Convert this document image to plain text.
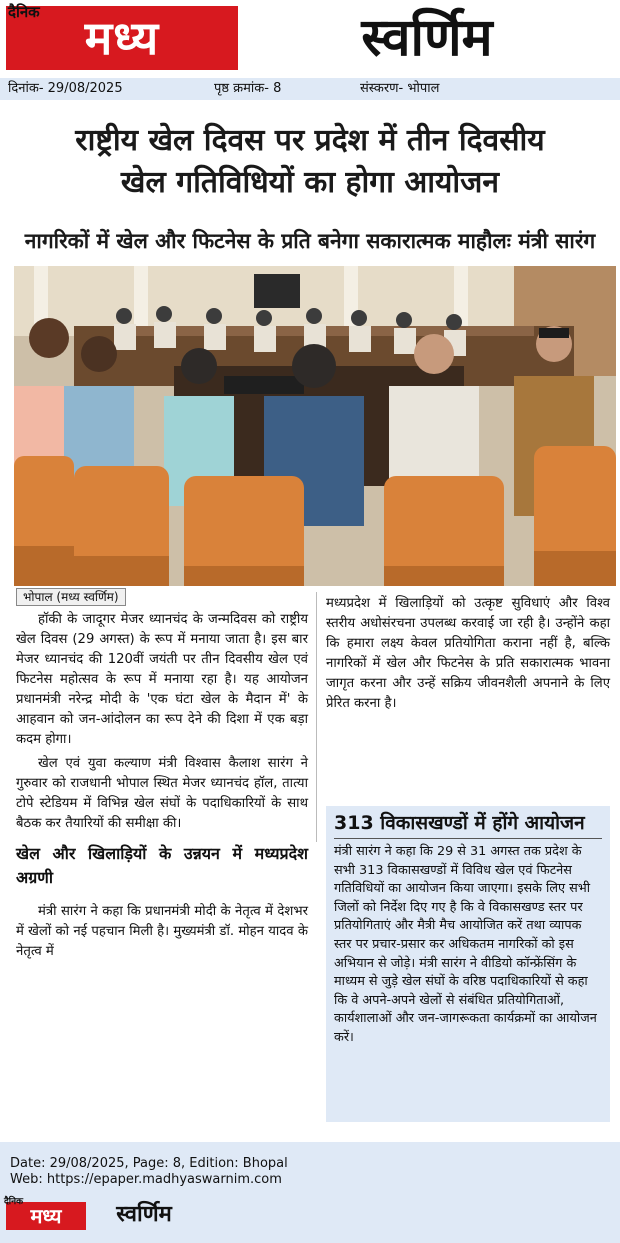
मध्य
दैनिक	स्वर्णिम
दिनांक- 29/08/2025	पृष्ठ क्रमांक- 8	संस्करण- भोपाल
राष्ट्रीय खेल दिवस पर प्रदेश में तीन दिवसीय
खेल गतिविधियों का होगा आयोजन
नागरिकों में खेल और फिटनेस के प्रति बनेगा सकारात्मक माहौलः मंत्री सारंग
भोपाल (मध्य स्वर्णिम)

हॉकी के जादूगर मेजर ध्यानचंद के जन्मदिवस को राष्ट्रीय खेल दिवस (29 अगस्त) के रूप में मनाया जाता है। इस बार मेजर ध्यानचंद की 120वीं जयंती पर तीन दिवसीय खेल एवं फिटनेस महोत्सव के रूप में मनाया रहा है। यह आयोजन प्रधानमंत्री नरेन्द्र मोदी के 'एक घंटा खेल के मैदान में' के आहवान को जन-आंदोलन का रूप देने की दिशा में एक बड़ा कदम होगा।

खेल एवं युवा कल्याण मंत्री विश्वास कैलाश सारंग ने गुरुवार को राजधानी भोपाल स्थित मेजर ध्यानचंद हॉल, तात्या टोपे स्टेडियम में विभिन्न खेल संघों के पदाधिकारियों के साथ बैठक कर तैयारियों की समीक्षा की।

खेल और खिलाड़ियों के उन्नयन में मध्यप्रदेश अग्रणी

मंत्री सारंग ने कहा कि प्रधानमंत्री मोदी के नेतृत्व में देशभर में खेलों को नई पहचान मिली है। मुख्यमंत्री डॉ. मोहन यादव के नेतृत्व में

मध्यप्रदेश में खिलाड़ियों को उत्कृष्ट सुविधाएं और विश्व स्तरीय अधोसंरचना उपलब्ध करवाई जा रही है। उन्होंने कहा कि हमारा लक्ष्य केवल प्रतियोगिता कराना नहीं है, बल्कि नागरिकों में खेल और फिटनेस के प्रति सकारात्मक भावना जागृत करना और उन्हें सक्रिय जीवनशैली अपनाने के लिए प्रेरित करना है।

313 विकासखण्डों में होंगे आयोजन

मंत्री सारंग ने कहा कि 29 से 31 अगस्त तक प्रदेश के सभी 313 विकासखण्डों में विविध खेल एवं फिटनेस गतिविधियों का आयोजन किया जाएगा। इसके लिए सभी जिलों को निर्देश दिए गए है कि वे विकासखण्ड स्तर पर प्रतियोगिताएं और मैत्री मैच आयोजित करें तथा व्यापक स्तर पर प्रचार-प्रसार कर अधिकतम नागरिकों को इस अभियान से जोड़े। मंत्री सारंग ने वीडियो कॉन्फ्रेंसिंग के माध्यम से जुड़े खेल संघों के वरिष्ठ पदाधिकारियों से कहा कि वे अपने-अपने खेलों से संबंधित प्रतियोगिताओं, कार्यशालाओं और जन-जागरूकता कार्यक्रमों का आयोजन करें।

Date: 29/08/2025, Page: 8, Edition: Bhopal
Web: https://epaper.madhyaswarnim.com
मध्य
दैनिक	स्वर्णिम
